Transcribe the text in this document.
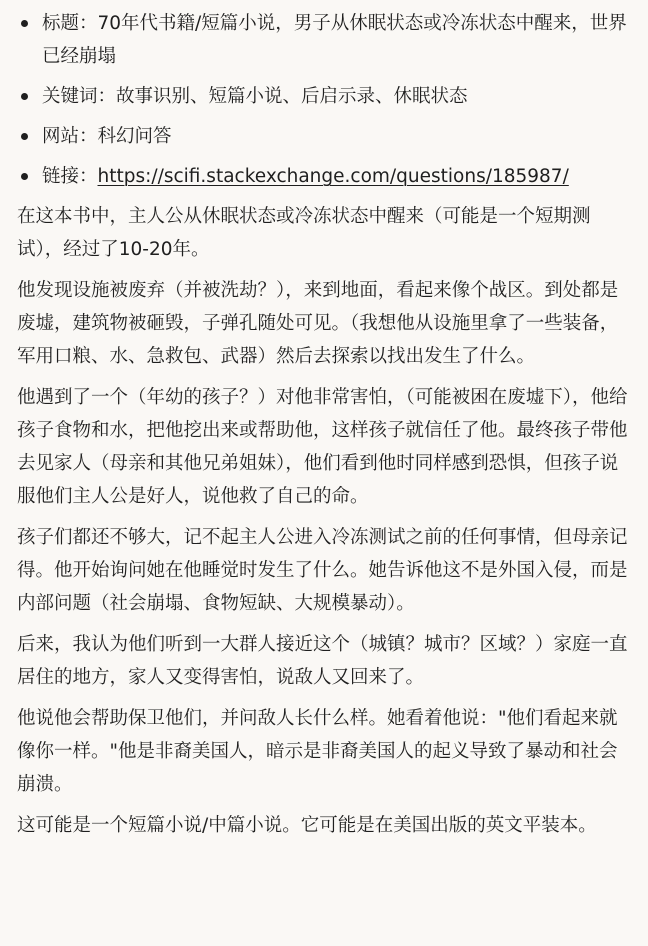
标题：70年代书籍/短篇小说，男子从休眠状态或冷冻状态中醒来，世界已经崩塌
关键词：故事识别、短篇小说、后启示录、休眠状态
网站：科幻问答
链接：https://scifi.stackexchange.com/questions/185987/

在这本书中，主人公从休眠状态或冷冻状态中醒来（可能是一个短期测试），经过了10-20年。

他发现设施被废弃（并被洗劫？），来到地面，看起来像个战区。到处都是废墟，建筑物被砸毁，子弹孔随处可见。（我想他从设施里拿了一些装备，军用口粮、水、急救包、武器）然后去探索以找出发生了什么。

他遇到了一个（年幼的孩子？）对他非常害怕，（可能被困在废墟下），他给孩子食物和水，把他挖出来或帮助他，这样孩子就信任了他。最终孩子带他去见家人（母亲和其他兄弟姐妹），他们看到他时同样感到恐惧，但孩子说服他们主人公是好人，说他救了自己的命。

孩子们都还不够大，记不起主人公进入冷冻测试之前的任何事情，但母亲记得。他开始询问她在他睡觉时发生了什么。她告诉他这不是外国入侵，而是内部问题（社会崩塌、食物短缺、大规模暴动）。

后来，我认为他们听到一大群人接近这个（城镇？城市？区域？）家庭一直居住的地方，家人又变得害怕，说敌人又回来了。

他说他会帮助保卫他们，并问敌人长什么样。她看着他说："他们看起来就像你一样。"他是非裔美国人，暗示是非裔美国人的起义导致了暴动和社会崩溃。

这可能是一个短篇小说/中篇小说。它可能是在美国出版的英文平装本。
